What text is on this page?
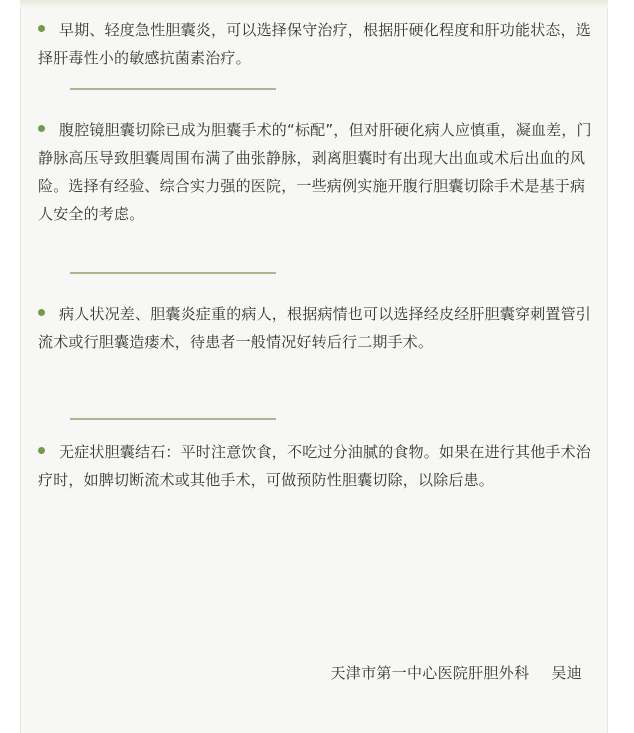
早期、轻度急性胆囊炎，可以选择保守治疗，根据肝硬化程度和肝功能状态，选择肝毒性小的敏感抗菌素治疗。
腹腔镜胆囊切除已成为胆囊手术的“标配”，但对肝硬化病人应慎重，凝血差，门静脉高压导致胆囊周围布满了曲张静脉，剥离胆囊时有出现大出血或术后出血的风险。选择有经验、综合实力强的医院，一些病例实施开腹行胆囊切除手术是基于病人安全的考虑。
病人状况差、胆囊炎症重的病人，根据病情也可以选择经皮经肝胆囊穿刺置管引流术或行胆囊造瘘术，待患者一般情况好转后行二期手术。
无症状胆囊结石：平时注意饮食，不吃过分油腻的食物。如果在进行其他手术治疗时，如脾切断流术或其他手术，可做预防性胆囊切除，以除后患。
天津市第一中心医院肝胆外科 吴迪
